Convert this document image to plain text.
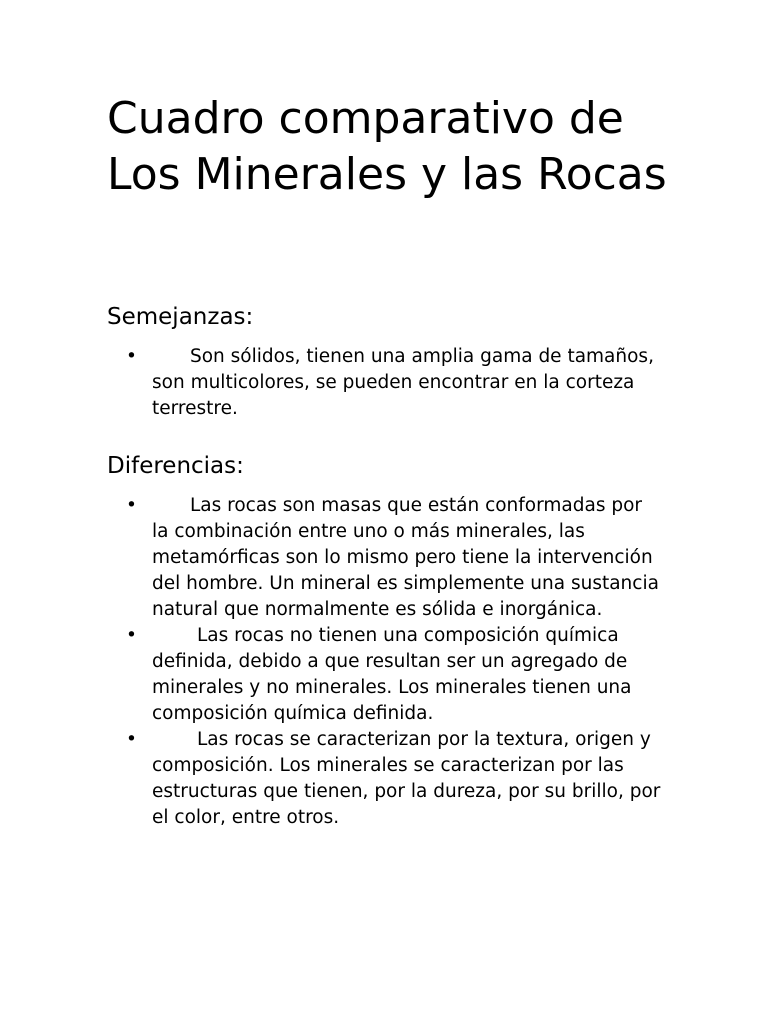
Cuadro comparativo de Los Minerales y las Rocas
Semejanzas:
•	Son sólidos, tienen una amplia gama de tamaños, son multicolores, se pueden encontrar en la corteza terrestre.
Diferencias:
•	Las rocas son masas que están conformadas por la combinación entre uno o más minerales, las metamórficas son lo mismo pero tiene la intervención del hombre. Un mineral es simplemente una sustancia natural que normalmente es sólida e inorgánica.
•	Las rocas no tienen una composición química definida, debido a que resultan ser un agregado de minerales y no minerales. Los minerales tienen una composición química definida.
•	Las rocas se caracterizan por la textura, origen y composición. Los minerales se caracterizan por las estructuras que tienen, por la dureza, por su brillo, por el color, entre otros.
